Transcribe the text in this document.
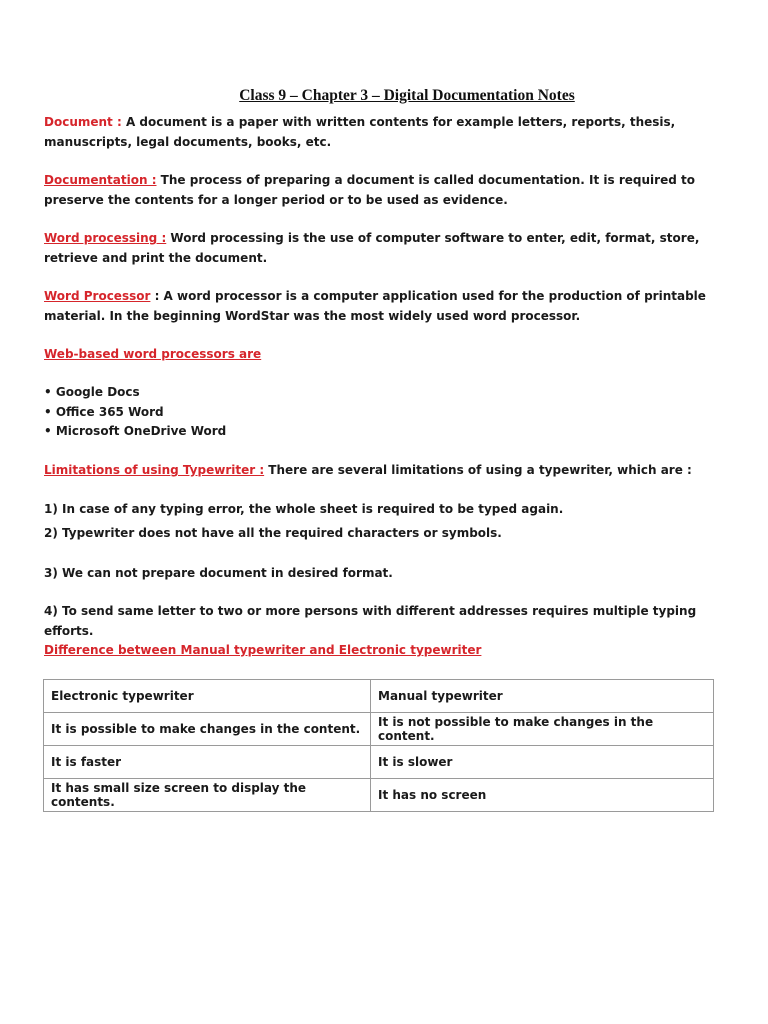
Class 9 – Chapter 3 – Digital Documentation Notes
Document : A document is a paper with written contents for example letters, reports, thesis, manuscripts, legal documents, books, etc.
Documentation : The process of preparing a document is called documentation. It is required to preserve the contents for a longer period or to be used as evidence.
Word processing : Word processing is the use of computer software to enter, edit, format, store, retrieve and print the document.
Word Processor : A word processor is a computer application used for the production of printable material. In the beginning WordStar was the most widely used word processor.
Web-based word processors are
• Google Docs
• Office 365 Word
• Microsoft OneDrive Word
Limitations of using Typewriter : There are several limitations of using a typewriter, which are :
1) In case of any typing error, the whole sheet is required to be typed again.
2) Typewriter does not have all the required characters or symbols.
3) We can not prepare document in desired format.
4) To send same letter to two or more persons with different addresses requires multiple typing efforts.
Difference between Manual typewriter and Electronic typewriter
Electronic typewriter	Manual typewriter
It is possible to make changes in the content.	It is not possible to make changes in the content.
It is faster	It is slower
It has small size screen to display the contents.	It has no screen
